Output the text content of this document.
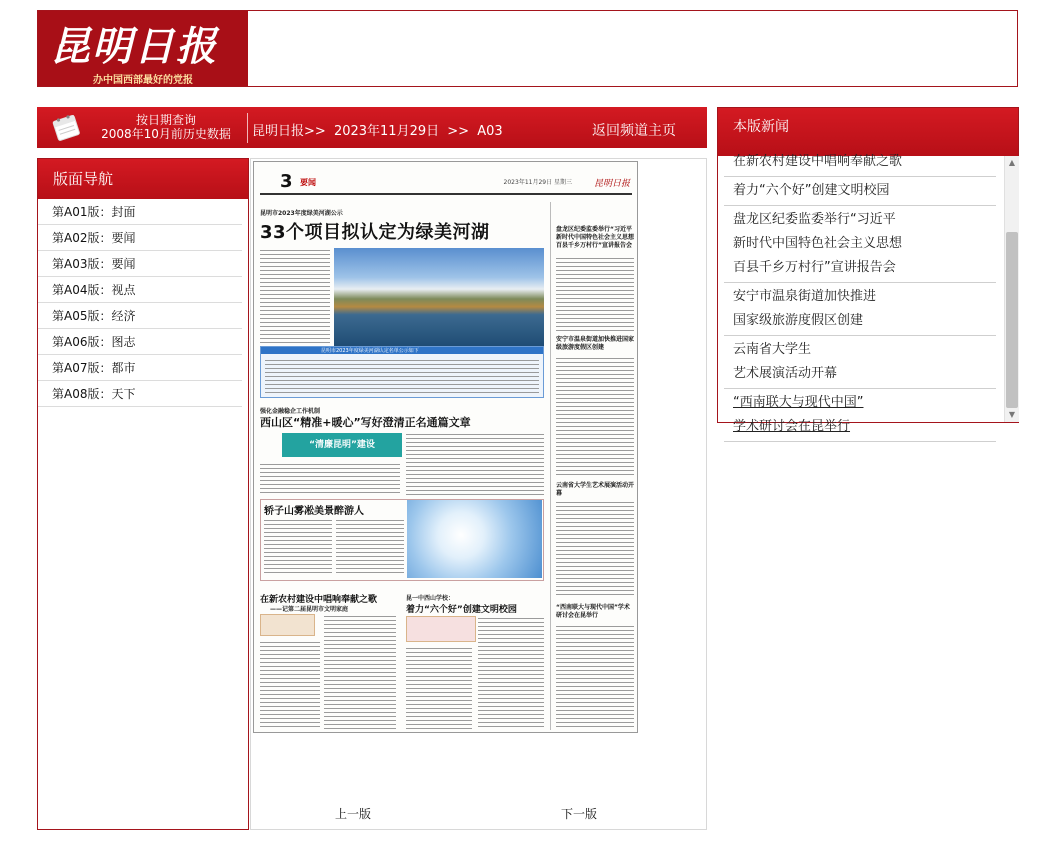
昆明日报
办中国西部最好的党报
按日期查询
2008年10月前历史数据	昆明日报>> 2023年11月29日 >> A03	返回频道主页
版面导航
第A01版：封面
第A02版：要闻
第A03版：要闻
第A04版：视点
第A05版：经济
第A06版：图志
第A07版：都市
第A08版：天下
3 要闻	2023年11月29日 星期三 昆明日报
昆明市2023年度绿美河湖公示
33个项目拟认定为绿美河湖
昆明市2023年度绿美河湖认定名单公示如下
强化金融稳企工作机制
西山区“精准+暖心”写好澄清正名通篇文章
“清廉昆明”建设
轿子山雾凇美景醉游人
在新农村建设中唱响奉献之歌
——记第二届昆明市文明家庭
昆一中西山学校：
着力“六个好”创建文明校园
盘龙区纪委监委举行“习近平新时代中国特色社会主义思想百县千乡万村行”宣讲报告会
安宁市温泉街道加快推进国家级旅游度假区创建
云南省大学生艺术展演活动开幕
“西南联大与现代中国”学术研讨会在昆举行
上一版	下一版
本版新闻
在新农村建设中唱响奉献之歌
着力“六个好”创建文明校园
盘龙区纪委监委举行“习近平
新时代中国特色社会主义思想
百县千乡万村行”宣讲报告会
安宁市温泉街道加快推进
国家级旅游度假区创建
云南省大学生
艺术展演活动开幕
“西南联大与现代中国”
学术研讨会在昆举行
▲
▼
